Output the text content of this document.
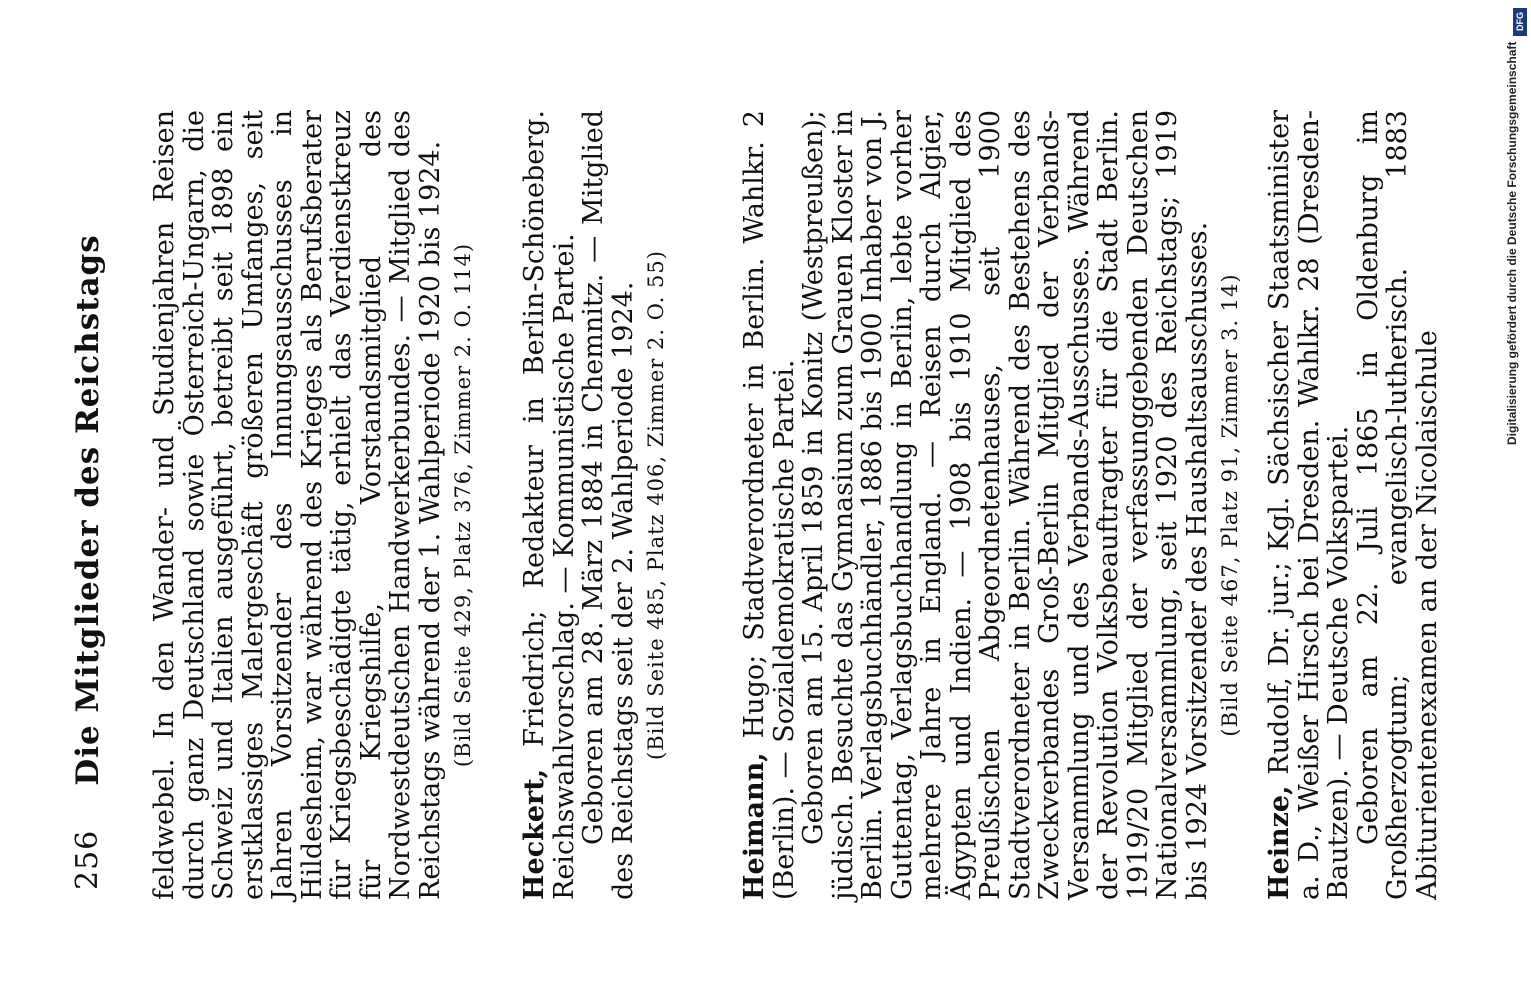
256
Die Mitglieder des Reichstags feldwebel. In den Wander- und Studienjahren Reisen durch ganz Deutschland sowie Österreich-Ungarn, die Schweiz und Italien ausgeführt, betreibt seit 1898 ein erstklassiges Malergeschäft größeren Umfanges, seit Jahren Vorsitzender des Innungsausschusses in Hildesheim, war während des Krieges als Berufsberater für Kriegsbeschädigte tätig, erhielt das Verdienstkreuz für Kriegshilfe, Vorstandsmitglied des Nordwestdeutschen Handwerkerbundes. — Mitglied des Reichstags während der 1. Wahlperiode 1920 bis 1924. (Bild Seite 429, Platz 376, Zimmer 2. O. 114)

Heckert, Friedrich; Redakteur in Berlin-Schöneberg. Reichswahlvorschlag. — Kommunistische Partei.

Geboren am 28. März 1884 in Chemnitz. — Mitglied des Reichstags seit der 2. Wahlperiode 1924. (Bild Seite 485, Platz 406, Zimmer 2. O. 55)

Heimann, Hugo; Stadtverordneter in Berlin. Wahlkr. 2 (Berlin). — Sozialdemokratische Partei.

Geboren am 15. April 1859 in Konitz (Westpreußen); jüdisch. Besuchte das Gymnasium zum Grauen Kloster in Berlin. Verlagsbuchhändler, 1886 bis 1900 Inhaber von J. Guttentag, Verlagsbuchhandlung in Berlin, lebte vorher mehrere Jahre in England. — Reisen durch Algier, Ägypten und Indien. — 1908 bis 1910 Mitglied des Preußischen Abgeordnetenhauses, seit 1900 Stadtverordneter in Berlin. Während des Bestehens des Zweckverbandes Groß-Berlin Mitglied der Verbands-Versammlung und des Verbands-Ausschusses. Während der Revolution Volksbeauftragter für die Stadt Berlin. 1919/20 Mitglied der verfassunggebenden Deutschen Nationalversammlung, seit 1920 des Reichstags; 1919 bis 1924 Vorsitzender des Haushaltsausschusses. (Bild Seite 467, Platz 91, Zimmer 3. 14)

Heinze, Rudolf, Dr. jur.; Kgl. Sächsischer Staatsminister a. D., Weißer Hirsch bei Dresden. Wahlkr. 28 (Dresden-Bautzen). — Deutsche Volkspartei.

Geboren am 22. Juli 1865 in Oldenburg im Großherzogtum; evangelisch-lutherisch. 1883 Abiturientenexamen an der Nicolaischule

Digitalisierung gefördert durch die Deutsche Forschungsgemeinschaft
DFG
